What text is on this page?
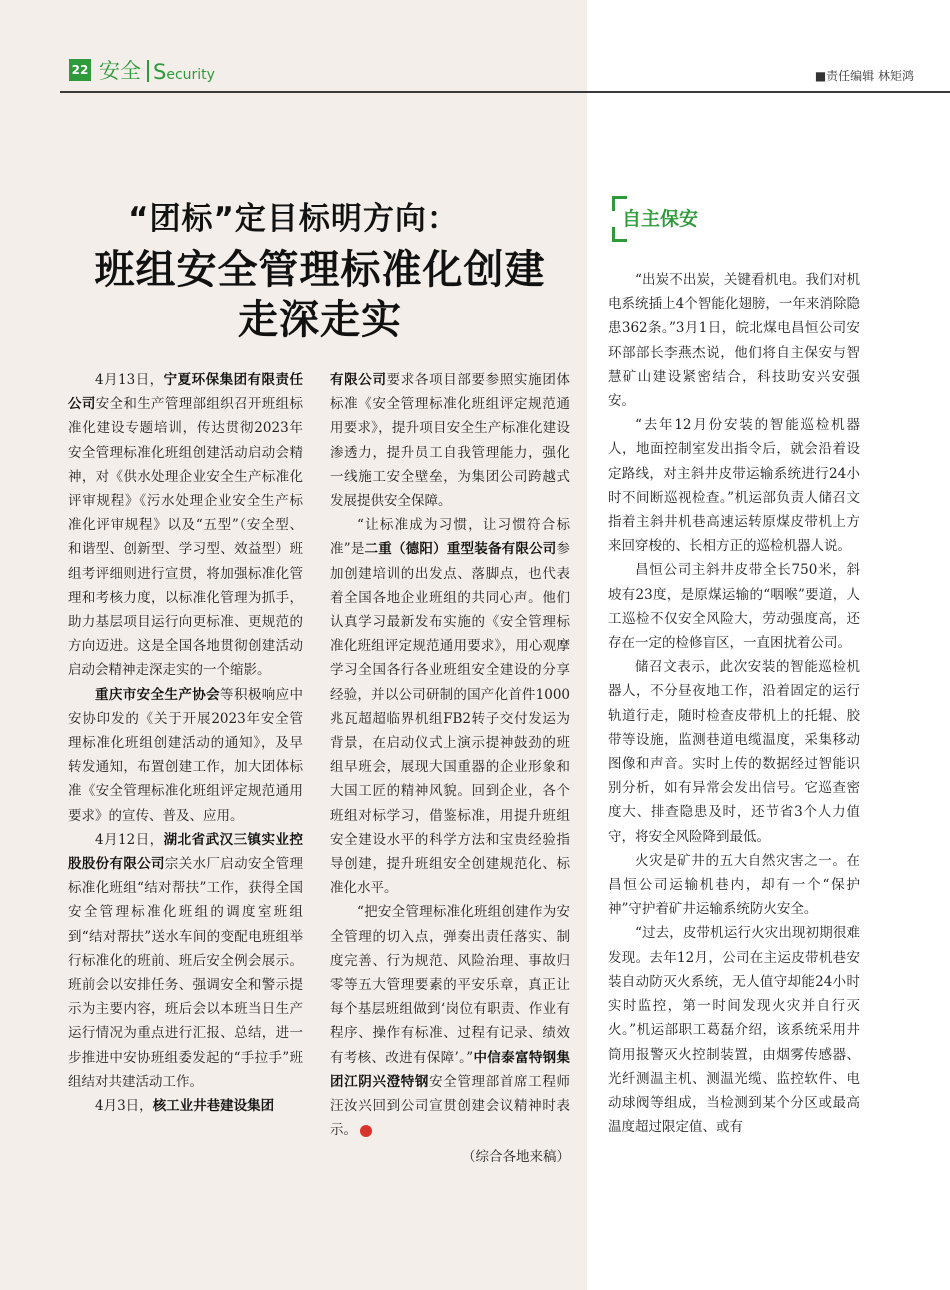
22 安全 Security	■责任编辑 林矩鸿
“团标”定目标明方向：
班组安全管理标准化创建
走深走实

4月13日，宁夏环保集团有限责任公司安全和生产管理部组织召开班组标准化建设专题培训，传达贯彻2023年安全管理标准化班组创建活动启动会精神，对《供水处理企业安全生产标准化评审规程》《污水处理企业安全生产标准化评审规程》以及“五型”（安全型、和谐型、创新型、学习型、效益型）班组考评细则进行宣贯，将加强标准化管理和考核力度，以标准化管理为抓手，助力基层项目运行向更标准、更规范的方向迈进。这是全国各地贯彻创建活动启动会精神走深走实的一个缩影。

重庆市安全生产协会等积极响应中安协印发的《关于开展2023年安全管理标准化班组创建活动的通知》，及早转发通知，布置创建工作，加大团体标准《安全管理标准化班组评定规范通用要求》的宣传、普及、应用。

4月12日，湖北省武汉三镇实业控股股份有限公司宗关水厂启动安全管理标准化班组“结对帮扶”工作，获得全国安全管理标准化班组的调度室班组到“结对帮扶”送水车间的变配电班组举行标准化的班前、班后安全例会展示。班前会以安排任务、强调安全和警示提示为主要内容，班后会以本班当日生产运行情况为重点进行汇报、总结，进一步推进中安协班组委发起的“手拉手”班组结对共建活动工作。

4月3日，核工业井巷建设集团

有限公司要求各项目部要参照实施团体标准《安全管理标准化班组评定规范通用要求》，提升项目安全生产标准化建设渗透力，提升员工自我管理能力，强化一线施工安全壁垒，为集团公司跨越式发展提供安全保障。

“让标准成为习惯，让习惯符合标准”是二重（德阳）重型装备有限公司参加创建培训的出发点、落脚点，也代表着全国各地企业班组的共同心声。他们认真学习最新发布实施的《安全管理标准化班组评定规范通用要求》，用心观摩学习全国各行各业班组安全建设的分享经验，并以公司研制的国产化首件1000兆瓦超超临界机组FB2转子交付发运为背景，在启动仪式上演示提神鼓劲的班组早班会，展现大国重器的企业形象和大国工匠的精神风貌。回到企业，各个班组对标学习，借鉴标准，用提升班组安全建设水平的科学方法和宝贵经验指导创建，提升班组安全创建规范化、标准化水平。

“把安全管理标准化班组创建作为安全管理的切入点，弹奏出责任落实、制度完善、行为规范、风险治理、事故归零等五大管理要素的平安乐章，真正让每个基层班组做到‘岗位有职责、作业有程序、操作有标准、过程有记录、绩效有考核、改进有保障’。”中信泰富特钢集团江阴兴澄特钢安全管理部首席工程师汪汝兴回到公司宣贯创建会议精神时表示。

（综合各地来稿）

自主保安

“出炭不出炭，关键看机电。我们对机电系统插上4个智能化翅膀，一年来消除隐患362条。”3月1日，皖北煤电昌恒公司安环部部长李燕杰说，他们将自主保安与智慧矿山建设紧密结合，科技助安兴安强安。

“去年12月份安装的智能巡检机器人，地面控制室发出指令后，就会沿着设定路线，对主斜井皮带运输系统进行24小时不间断巡视检查。”机运部负责人储召文指着主斜井机巷高速运转原煤皮带机上方来回穿梭的、长相方正的巡检机器人说。

昌恒公司主斜井皮带全长750米，斜坡有23度，是原煤运输的“咽喉”要道，人工巡检不仅安全风险大，劳动强度高，还存在一定的检修盲区，一直困扰着公司。

储召文表示，此次安装的智能巡检机器人，不分昼夜地工作，沿着固定的运行轨道行走，随时检查皮带机上的托辊、胶带等设施，监测巷道电缆温度，采集移动图像和声音。实时上传的数据经过智能识别分析，如有异常会发出信号。它巡查密度大、排查隐患及时，还节省3个人力值守，将安全风险降到最低。

火灾是矿井的五大自然灾害之一。在昌恒公司运输机巷内，却有一个“保护神”守护着矿井运输系统防火安全。

“过去，皮带机运行火灾出现初期很难发现。去年12月，公司在主运皮带机巷安装自动防灭火系统，无人值守却能24小时实时监控，第一时间发现火灾并自行灭火。”机运部职工葛磊介绍，该系统采用井筒用报警灭火控制装置，由烟雾传感器、光纤测温主机、测温光缆、监控软件、电动球阀等组成，当检测到某个分区或最高温度超过限定值、或有
